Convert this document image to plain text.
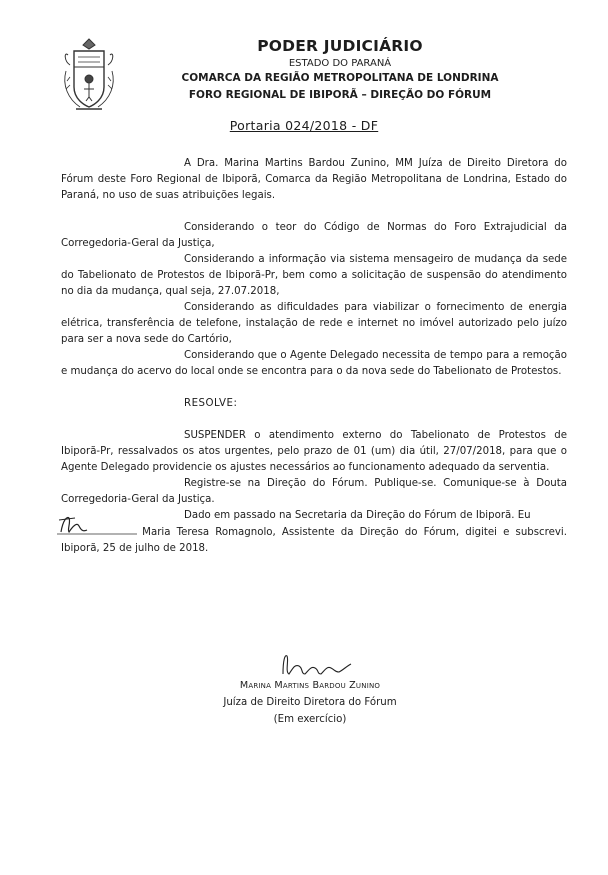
PODER JUDICIÁRIO
ESTADO DO PARANÁ
COMARCA DA REGIÃO METROPOLITANA DE LONDRINA
FORO REGIONAL DE IBIPORÃ – DIREÇÃO DO FÓRUM
Portaria 024/2018 - DF

A Dra. Marina Martins Bardou Zunino, MM Juíza de Direito Diretora do Fórum deste Foro Regional de Ibiporã, Comarca da Região Metropolitana de Londrina, Estado do Paraná, no uso de suas atribuições legais.

Considerando o teor do Código de Normas do Foro Extrajudicial da Corregedoria-Geral da Justiça,

Considerando a informação via sistema mensageiro de mudança da sede do Tabelionato de Protestos de Ibiporã-Pr, bem como a solicitação de suspensão do atendimento no dia da mudança, qual seja, 27.07.2018,

Considerando as dificuldades para viabilizar o fornecimento de energia elétrica, transferência de telefone, instalação de rede e internet no imóvel autorizado pelo juízo para ser a nova sede do Cartório,

Considerando que o Agente Delegado necessita de tempo para a remoção e mudança do acervo do local onde se encontra para o da nova sede do Tabelionato de Protestos.

RESOLVE:

SUSPENDER o atendimento externo do Tabelionato de Protestos de Ibiporã-Pr, ressalvados os atos urgentes, pelo prazo de 01 (um) dia útil, 27/07/2018, para que o Agente Delegado providencie os ajustes necessários ao funcionamento adequado da serventia.

Registre-se na Direção do Fórum. Publique-se. Comunique-se à Douta Corregedoria-Geral da Justiça.

Dado em passado na Secretaria da Direção do Fórum de Ibiporã. Eu

Maria Teresa Romagnolo, Assistente da Direção do Fórum, digitei e subscrevi. Ibiporã, 25 de julho de 2018.

Marina Martins Bardou Zunino
Juíza de Direito Diretora do Fórum
(Em exercício)
